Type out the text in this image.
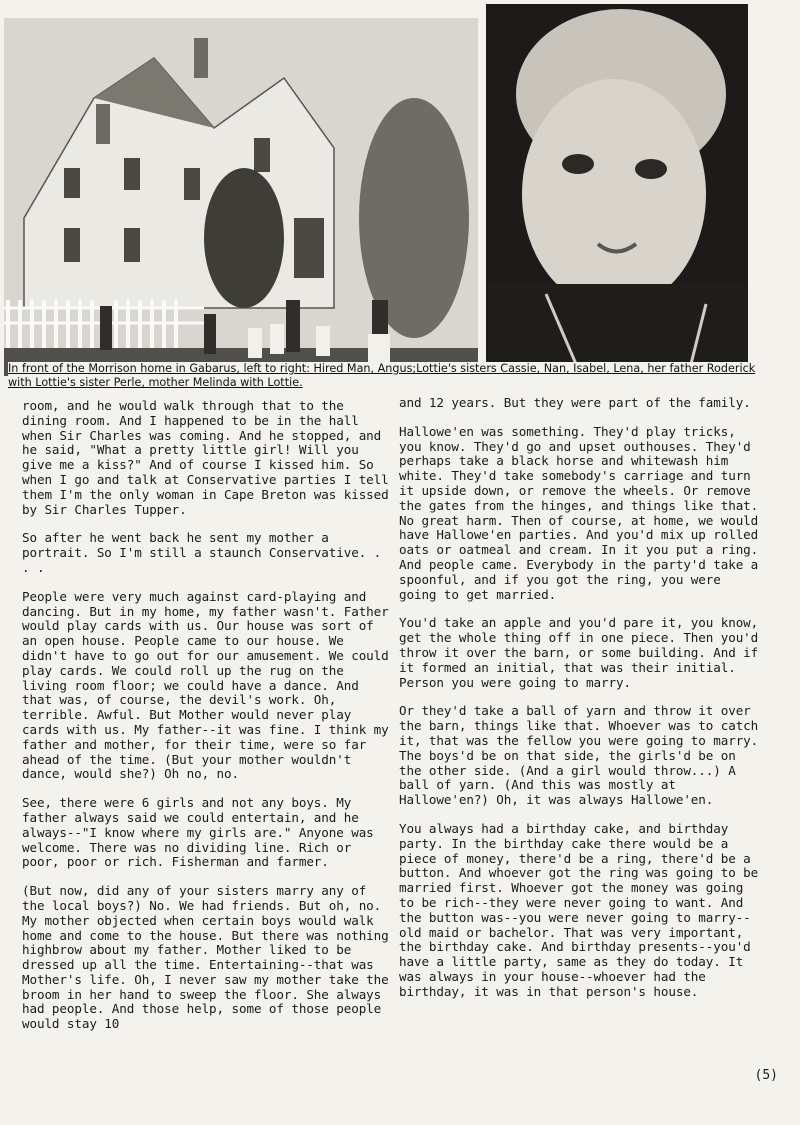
In front of the Morrison home in Gabarus, left to right: Hired Man, Angus;Lottie's sisters Cassie, Nan, Isabel, Lena, her father Roderick with Lottie's sister Perle, mother Melinda with Lottie.

room, and he would walk through that to the dining room. And I happened to be in the hall when Sir Charles was coming. And he stopped, and he said, "What a pretty little girl! Will you give me a kiss?" And of course I kissed him. So when I go and talk at Conservative parties I tell them I'm the only woman in Cape Breton was kissed by Sir Charles Tupper.

So after he went back he sent my mother a portrait. So I'm still a staunch Conservative. . . .

People were very much against card-playing and dancing. But in my home, my father wasn't. Father would play cards with us. Our house was sort of an open house. People came to our house. We didn't have to go out for our amusement. We could play cards. We could roll up the rug on the living room floor; we could have a dance. And that was, of course, the devil's work. Oh, terrible. Awful. But Mother would never play cards with us. My father--it was fine. I think my father and mother, for their time, were so far ahead of the time. (But your mother wouldn't dance, would she?) Oh no, no.

See, there were 6 girls and not any boys. My father always said we could entertain, and he always--"I know where my girls are." Anyone was welcome. There was no dividing line. Rich or poor, poor or rich. Fisherman and farmer.

(But now, did any of your sisters marry any of the local boys?) No. We had friends. But oh, no. My mother objected when certain boys would walk home and come to the house. But there was nothing highbrow about my father. Mother liked to be dressed up all the time. Entertaining--that was Mother's life. Oh, I never saw my mother take the broom in her hand to sweep the floor. She always had people. And those help, some of those people would stay 10

and 12 years. But they were part of the family.

Hallowe'en was something. They'd play tricks, you know. They'd go and upset outhouses. They'd perhaps take a black horse and whitewash him white. They'd take somebody's carriage and turn it upside down, or remove the wheels. Or remove the gates from the hinges, and things like that. No great harm. Then of course, at home, we would have Hallowe'en parties. And you'd mix up rolled oats or oatmeal and cream. In it you put a ring. And people came. Everybody in the party'd take a spoonful, and if you got the ring, you were going to get married.

You'd take an apple and you'd pare it, you know, get the whole thing off in one piece. Then you'd throw it over the barn, or some building. And if it formed an initial, that was their initial. Person you were going to marry.

Or they'd take a ball of yarn and throw it over the barn, things like that. Whoever was to catch it, that was the fellow you were going to marry. The boys'd be on that side, the girls'd be on the other side. (And a girl would throw...) A ball of yarn. (And this was mostly at Hallowe'en?) Oh, it was always Hallowe'en.

You always had a birthday cake, and birthday party. In the birthday cake there would be a piece of money, there'd be a ring, there'd be a button. And whoever got the ring was going to be married first. Whoever got the money was going to be rich--they were never going to want. And the button was--you were never going to marry--old maid or bachelor. That was very important, the birthday cake. And birthday presents--you'd have a little party, same as they do today. It was always in your house--whoever had the birthday, it was in that person's house.

(5)
